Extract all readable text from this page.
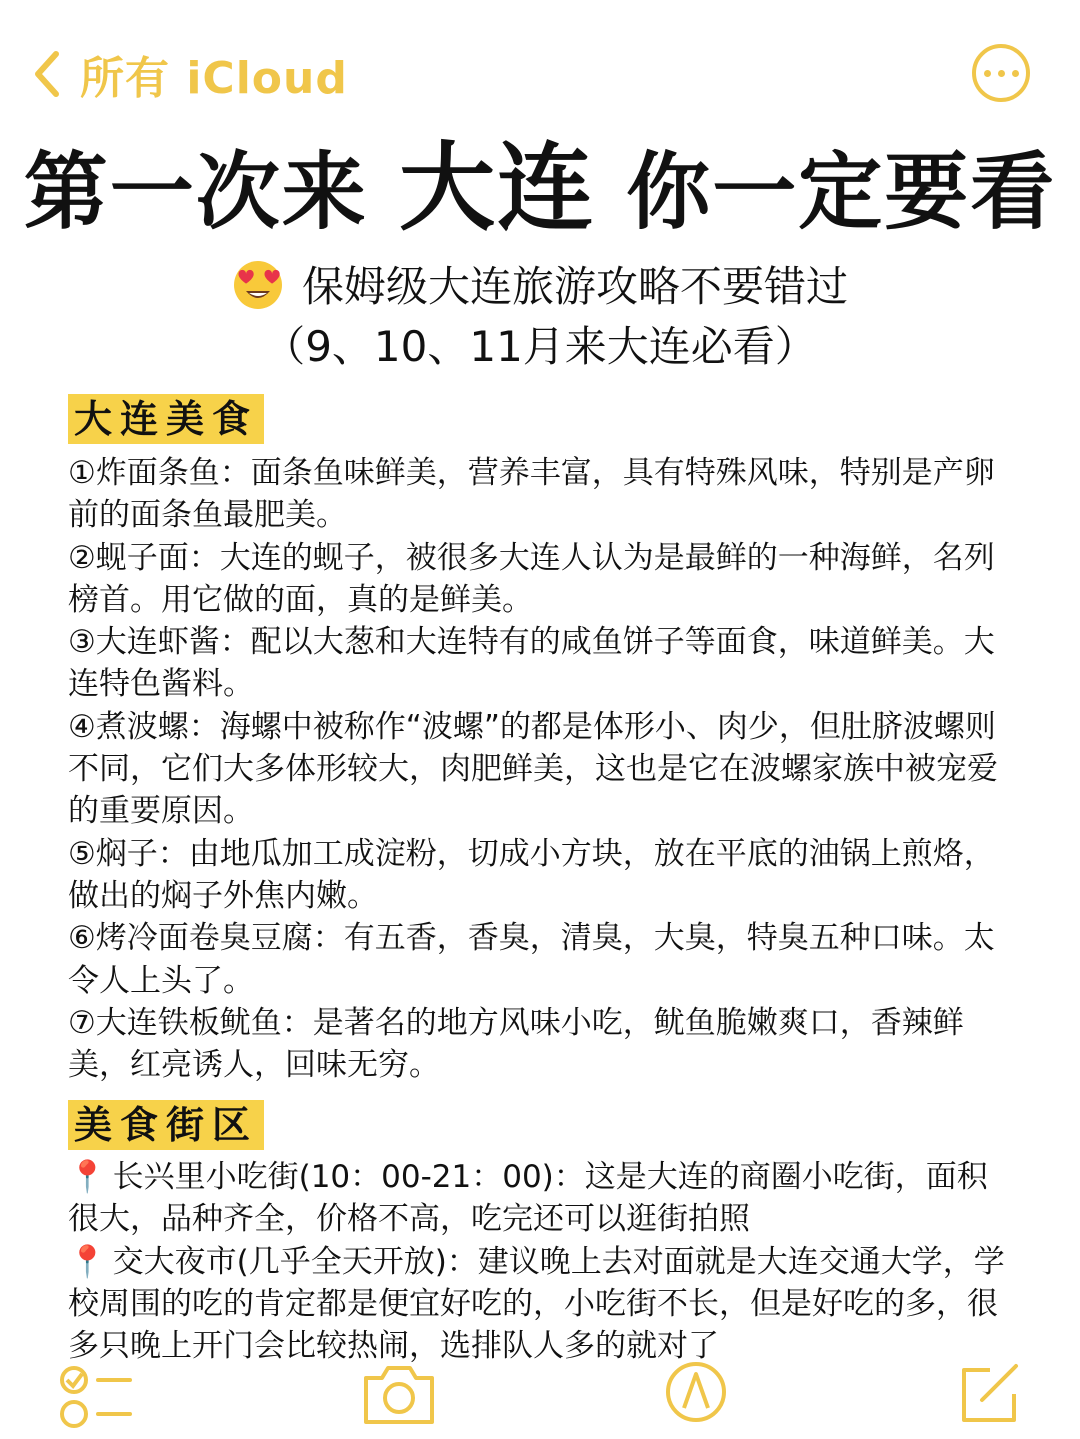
所有 iCloud
第一次来 大连 你一定要看
保姆级大连旅游攻略不要错过
（9、10、11月来大连必看）
大连美食

①炸面条鱼：面条鱼味鲜美，营养丰富，具有特殊风味，特别是产卵前的面条鱼最肥美。

②蚬子面：大连的蚬子，被很多大连人认为是最鲜的一种海鲜，名列榜首。用它做的面，真的是鲜美。

③大连虾酱：配以大葱和大连特有的咸鱼饼子等面食，味道鲜美。大连特色酱料。

④煮波螺：海螺中被称作“波螺”的都是体形小、肉少，但肚脐波螺则不同，它们大多体形较大，肉肥鲜美，这也是它在波螺家族中被宠爱的重要原因。

⑤焖子：由地瓜加工成淀粉，切成小方块，放在平底的油锅上煎烙，做出的焖子外焦内嫩。

⑥烤冷面卷臭豆腐：有五香，香臭，清臭，大臭，特臭五种口味。太令人上头了。

⑦大连铁板鱿鱼：是著名的地方风味小吃，鱿鱼脆嫩爽口，香辣鲜美，红亮诱人，回味无穷。

美食街区

📍 长兴里小吃街(10：00-21：00)：这是大连的商圈小吃街，面积很大，品种齐全，价格不高，吃完还可以逛街拍照

📍 交大夜市(几乎全天开放)：建议晚上去对面就是大连交通大学，学校周围的吃的肯定都是便宜好吃的，小吃街不长，但是好吃的多，很多只晚上开门会比较热闹，选排队人多的就对了
